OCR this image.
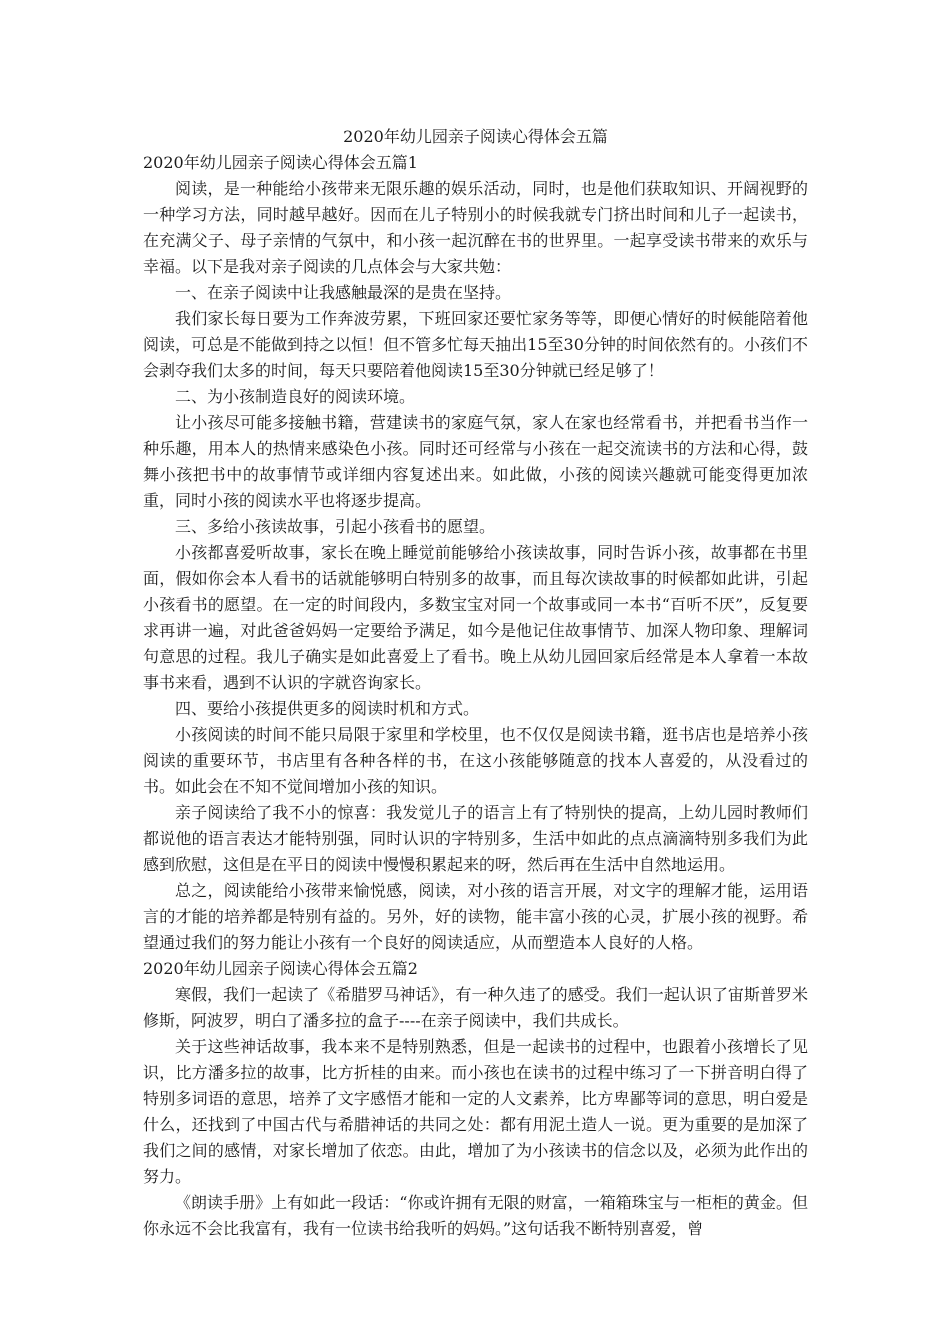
2020年幼儿园亲子阅读心得体会五篇

2020年幼儿园亲子阅读心得体会五篇1

阅读，是一种能给小孩带来无限乐趣的娱乐活动，同时，也是他们获取知识、开阔视野的一种学习方法，同时越早越好。因而在儿子特别小的时候我就专门挤出时间和儿子一起读书，在充满父子、母子亲情的气氛中，和小孩一起沉醉在书的世界里。一起享受读书带来的欢乐与幸福。以下是我对亲子阅读的几点体会与大家共勉：

一、在亲子阅读中让我感触最深的是贵在坚持。

我们家长每日要为工作奔波劳累，下班回家还要忙家务等等，即便心情好的时候能陪着他阅读，可总是不能做到持之以恒！但不管多忙每天抽出15至30分钟的时间依然有的。小孩们不会剥夺我们太多的时间，每天只要陪着他阅读15至30分钟就已经足够了！

二、为小孩制造良好的阅读环境。

让小孩尽可能多接触书籍，营建读书的家庭气氛，家人在家也经常看书，并把看书当作一种乐趣，用本人的热情来感染色小孩。同时还可经常与小孩在一起交流读书的方法和心得，鼓舞小孩把书中的故事情节或详细内容复述出来。如此做，小孩的阅读兴趣就可能变得更加浓重，同时小孩的阅读水平也将逐步提高。

三、多给小孩读故事，引起小孩看书的愿望。

小孩都喜爱听故事，家长在晚上睡觉前能够给小孩读故事，同时告诉小孩，故事都在书里面，假如你会本人看书的话就能够明白特别多的故事，而且每次读故事的时候都如此讲，引起小孩看书的愿望。在一定的时间段内，多数宝宝对同一个故事或同一本书“百听不厌”，反复要求再讲一遍，对此爸爸妈妈一定要给予满足，如今是他记住故事情节、加深人物印象、理解词句意思的过程。我儿子确实是如此喜爱上了看书。晚上从幼儿园回家后经常是本人拿着一本故事书来看，遇到不认识的字就咨询家长。

四、要给小孩提供更多的阅读时机和方式。

小孩阅读的时间不能只局限于家里和学校里，也不仅仅是阅读书籍，逛书店也是培养小孩阅读的重要环节，书店里有各种各样的书，在这小孩能够随意的找本人喜爱的，从没看过的书。如此会在不知不觉间增加小孩的知识。

亲子阅读给了我不小的惊喜：我发觉儿子的语言上有了特别快的提高，上幼儿园时教师们都说他的语言表达才能特别强，同时认识的字特别多，生活中如此的点点滴滴特别多我们为此感到欣慰，这但是在平日的阅读中慢慢积累起来的呀，然后再在生活中自然地运用。

总之，阅读能给小孩带来愉悦感，阅读，对小孩的语言开展，对文字的理解才能，运用语言的才能的培养都是特别有益的。另外，好的读物，能丰富小孩的心灵，扩展小孩的视野。希望通过我们的努力能让小孩有一个良好的阅读适应，从而塑造本人良好的人格。

2020年幼儿园亲子阅读心得体会五篇2

寒假，我们一起读了《希腊罗马神话》，有一种久违了的感受。我们一起认识了宙斯普罗米修斯，阿波罗，明白了潘多拉的盒子----在亲子阅读中，我们共成长。

关于这些神话故事，我本来不是特别熟悉，但是一起读书的过程中，也跟着小孩增长了见识，比方潘多拉的故事，比方折桂的由来。而小孩也在读书的过程中练习了一下拼音明白得了特别多词语的意思，培养了文字感悟才能和一定的人文素养，比方卑鄙等词的意思，明白爱是什么，还找到了中国古代与希腊神话的共同之处：都有用泥土造人一说。更为重要的是加深了我们之间的感情，对家长增加了依恋。由此，增加了为小孩读书的信念以及，必须为此作出的努力。

《朗读手册》上有如此一段话：“你或许拥有无限的财富，一箱箱珠宝与一柜柜的黄金。但你永远不会比我富有，我有一位读书给我听的妈妈。”这句话我不断特别喜爱，曾
